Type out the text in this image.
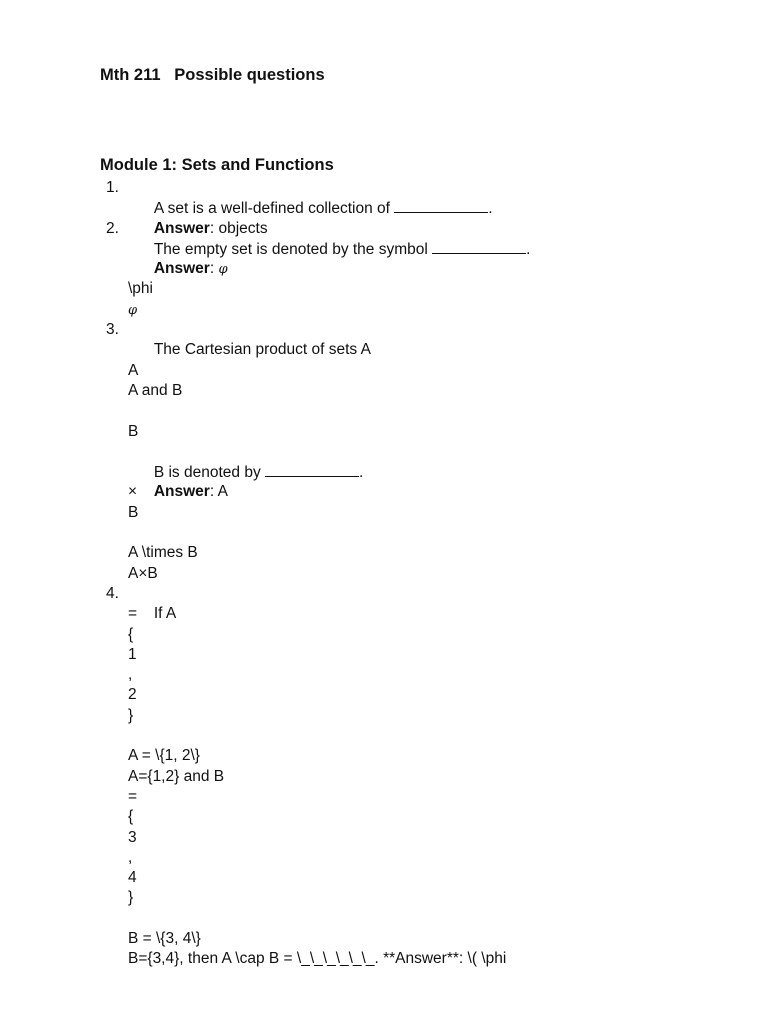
Mth 211   Possible questions
Module 1: Sets and Functions

1.
A set is a well-defined collection of	.

Answer: objects

2.
The empty set is denoted by the symbol	.

Answer: φ

\phi
φ

3.
The Cartesian product of sets A

A
A and B
B

B is denoted by	.

Answer: A

×
B
A \times B
A×B

4.
If A

=
{
1
,
2
}
A = \{1, 2\}
A={1,2} and B
=
{
3
,
4
}
B = \{3, 4\}
B={3,4}, then A \cap B = \_\_\_\_\_\_. **Answer**: \( \phi
